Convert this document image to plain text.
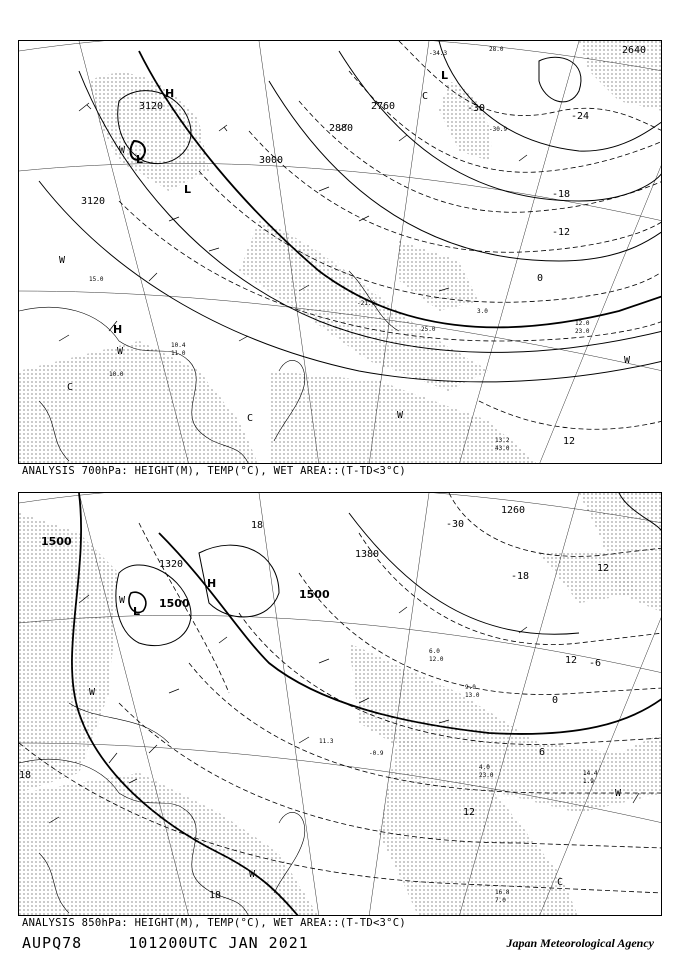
3120
3120
3000
2880
2760
2640
-30
-24
-18
-12
0
12
H
L
L
L
H
W
W
W
W
W
C
C
C
12.0
23.0
13.2
43.0
3.0
25.0
10.4
11.0
-21.0
10.0
-30.9
-34.3
28.0
15.0
ANALYSIS 700hPa: HEIGHT(M), TEMP(°C), WET AREA::(T-TD<3°C)
1500
1500
1500
1320
1260
1380
-30
-18
-6
0
6
12
12
18
18
18
12
H
L
W
W
W
W
C
14.4
1.9
16.8
7.0
4.0
23.0
9.0
13.0
6.0
12.0
-0.9
11.3
ANALYSIS 850hPa: HEIGHT(M), TEMP(°C), WET AREA::(T-TD<3°C)
AUPQ78	101200UTC JAN 2021	Japan Meteorological Agency
